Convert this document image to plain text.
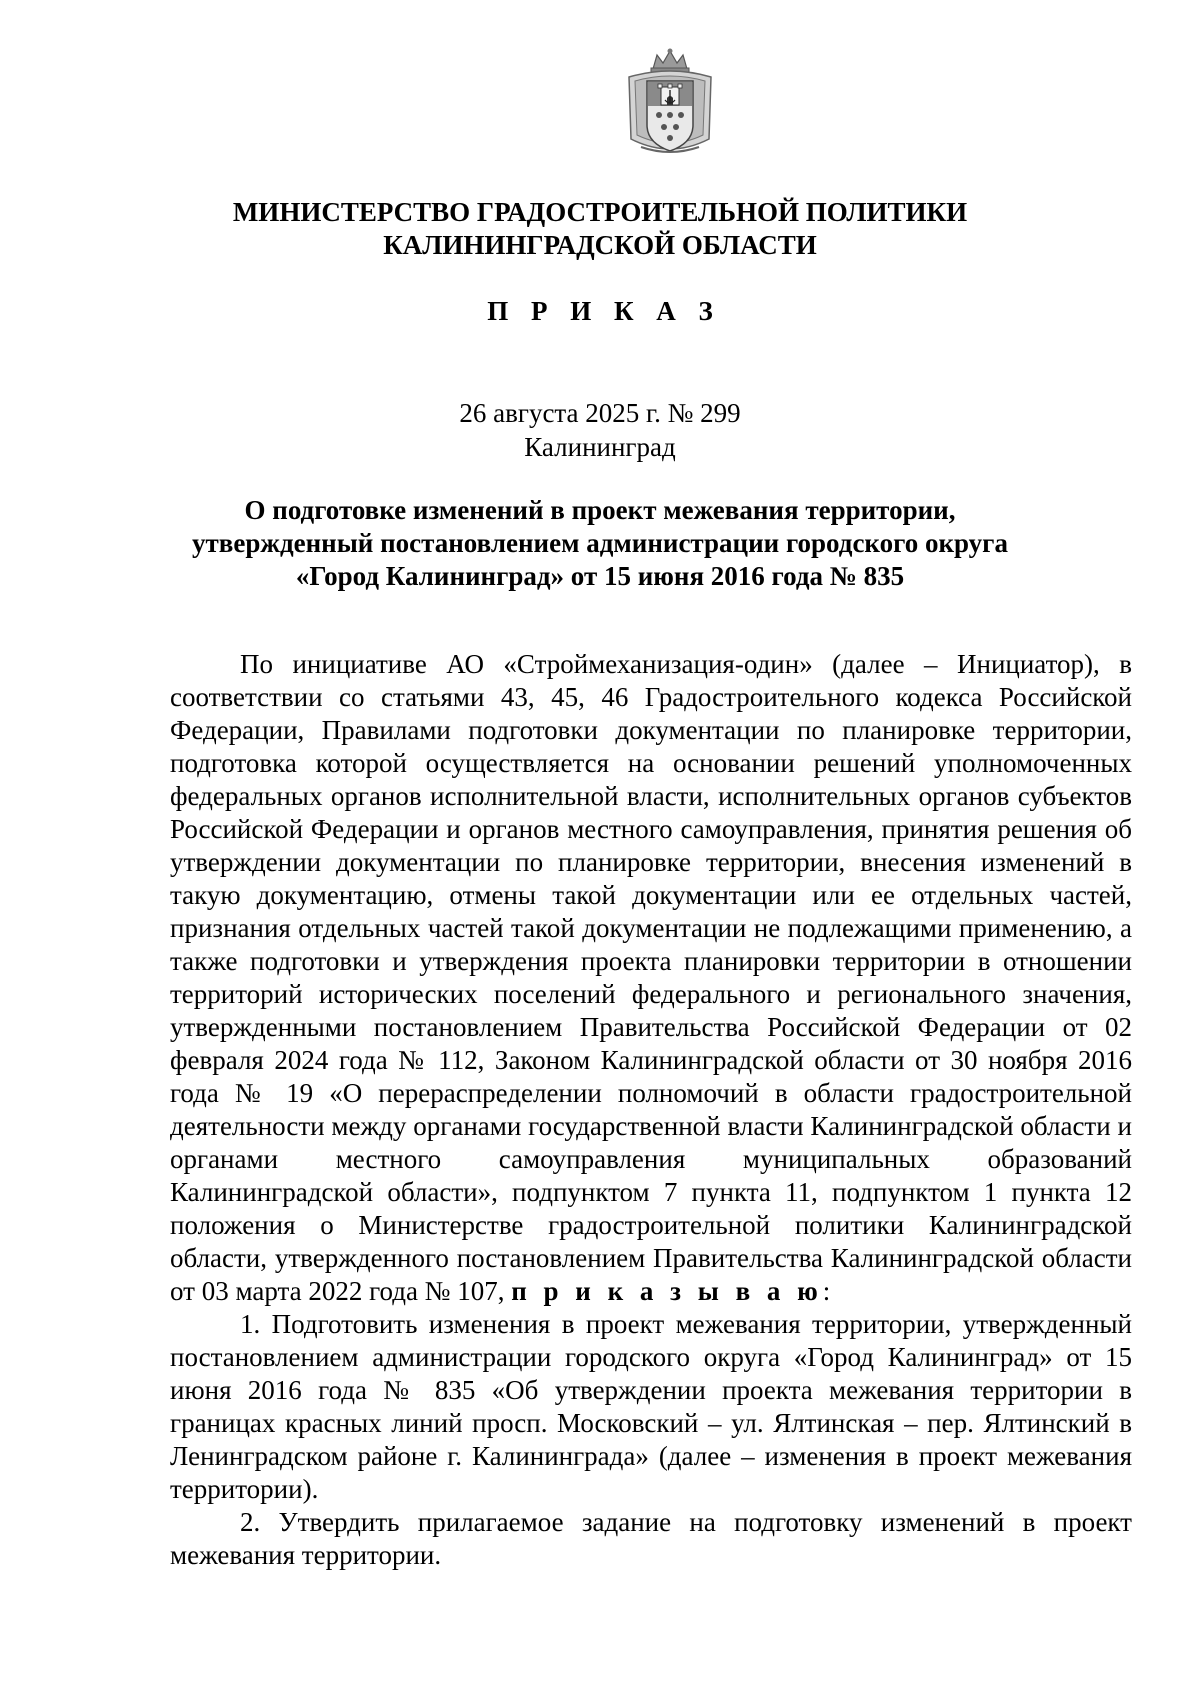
МИНИСТЕРСТВО ГРАДОСТРОИТЕЛЬНОЙ ПОЛИТИКИ
КАЛИНИНГРАДСКОЙ ОБЛАСТИ
П Р И К А З
26 августа 2025 г. № 299
Калининград
О подготовке изменений в проект межевания территории,
утвержденный постановлением администрации городского округа
«Город Калининград» от 15 июня 2016 года № 835

По инициативе АО «Строймеханизация-один» (далее – Инициатор), в соответствии со статьями 43, 45, 46 Градостроительного кодекса Российской Федерации, Правилами подготовки документации по планировке территории, подготовка которой осуществляется на основании решений уполномоченных федеральных органов исполнительной власти, исполнительных органов субъектов Российской Федерации и органов местного самоуправления, принятия решения об утверждении документации по планировке территории, внесения изменений в такую документацию, отмены такой документации или ее отдельных частей, признания отдельных частей такой документации не подлежащими применению, а также подготовки и утверждения проекта планировки территории в отношении территорий исторических поселений федерального и регионального значения, утвержденными постановлением Правительства Российской Федерации от 02 февраля 2024 года № 112, Законом Калининградской области от 30 ноября 2016 года № 19 «О перераспределении полномочий в области градостроительной деятельности между органами государственной власти Калининградской области и органами местного самоуправления муниципальных образований Калининградской области», подпунктом 7 пункта 11, подпунктом 1 пункта 12 положения о Министерстве градостроительной политики Калининградской области, утвержденного постановлением Правительства Калининградской области от 03 марта 2022 года № 107, п р и к а з ы в а ю:

1. Подготовить изменения в проект межевания территории, утвержденный постановлением администрации городского округа «Город Калининград» от 15 июня 2016 года № 835 «Об утверждении проекта межевания территории в границах красных линий просп. Московский – ул. Ялтинская – пер. Ялтинский в Ленинградском районе г. Калининграда» (далее – изменения в проект межевания территории).

2. Утвердить прилагаемое задание на подготовку изменений в проект межевания территории.
